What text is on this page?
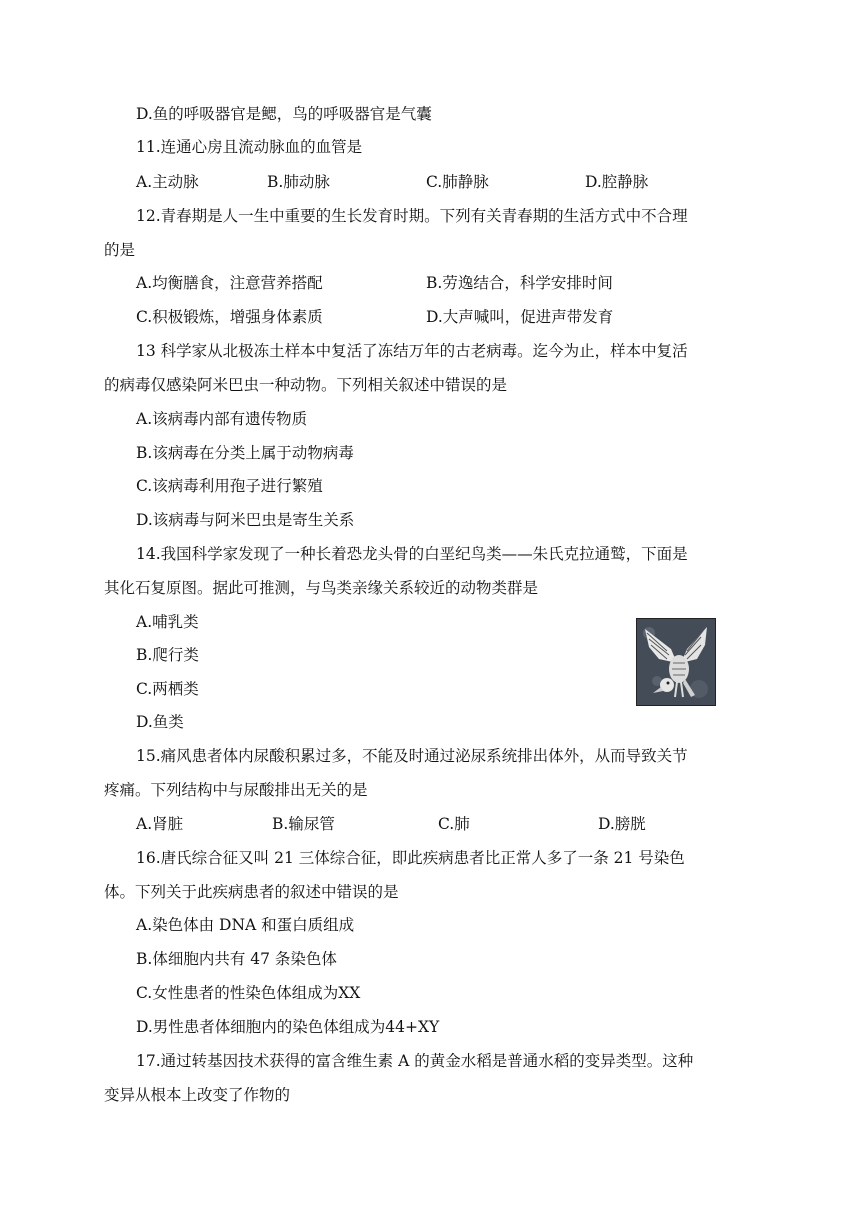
D.鱼的呼吸器官是鳃，鸟的呼吸器官是气囊
11.连通心房且流动脉血的血管是
A.主动脉	B.肺动脉	C.肺静脉	D.腔静脉
12.青春期是人一生中重要的生长发育时期。下列有关青春期的生活方式中不合理
的是
A.均衡膳食，注意营养搭配	B.劳逸结合，科学安排时间
C.积极锻炼，增强身体素质	D.大声喊叫，促进声带发育
13 科学家从北极冻土样本中复活了冻结万年的古老病毒。迄今为止，样本中复活
的病毒仅感染阿米巴虫一种动物。下列相关叙述中错误的是
A.该病毒内部有遗传物质
B.该病毒在分类上属于动物病毒
C.该病毒利用孢子进行繁殖
D.该病毒与阿米巴虫是寄生关系
14.我国科学家发现了一种长着恐龙头骨的白垩纪鸟类——朱氏克拉通鹫，下面是
其化石复原图。据此可推测，与鸟类亲缘关系较近的动物类群是
A.哺乳类
B.爬行类
C.两栖类
D.鱼类
15.痛风患者体内尿酸积累过多，不能及时通过泌尿系统排出体外，从而导致关节
疼痛。下列结构中与尿酸排出无关的是
A.肾脏	B.输尿管	C.肺	D.膀胱
16.唐氏综合征又叫 21 三体综合征，即此疾病患者比正常人多了一条 21 号染色
体。下列关于此疾病患者的叙述中错误的是
A.染色体由 DNA 和蛋白质组成
B.体细胞内共有 47 条染色体
C.女性患者的性染色体组成为XX
D.男性患者体细胞内的染色体组成为44+XY
17.通过转基因技术获得的富含维生素 A 的黄金水稻是普通水稻的变异类型。这种
变异从根本上改变了作物的
